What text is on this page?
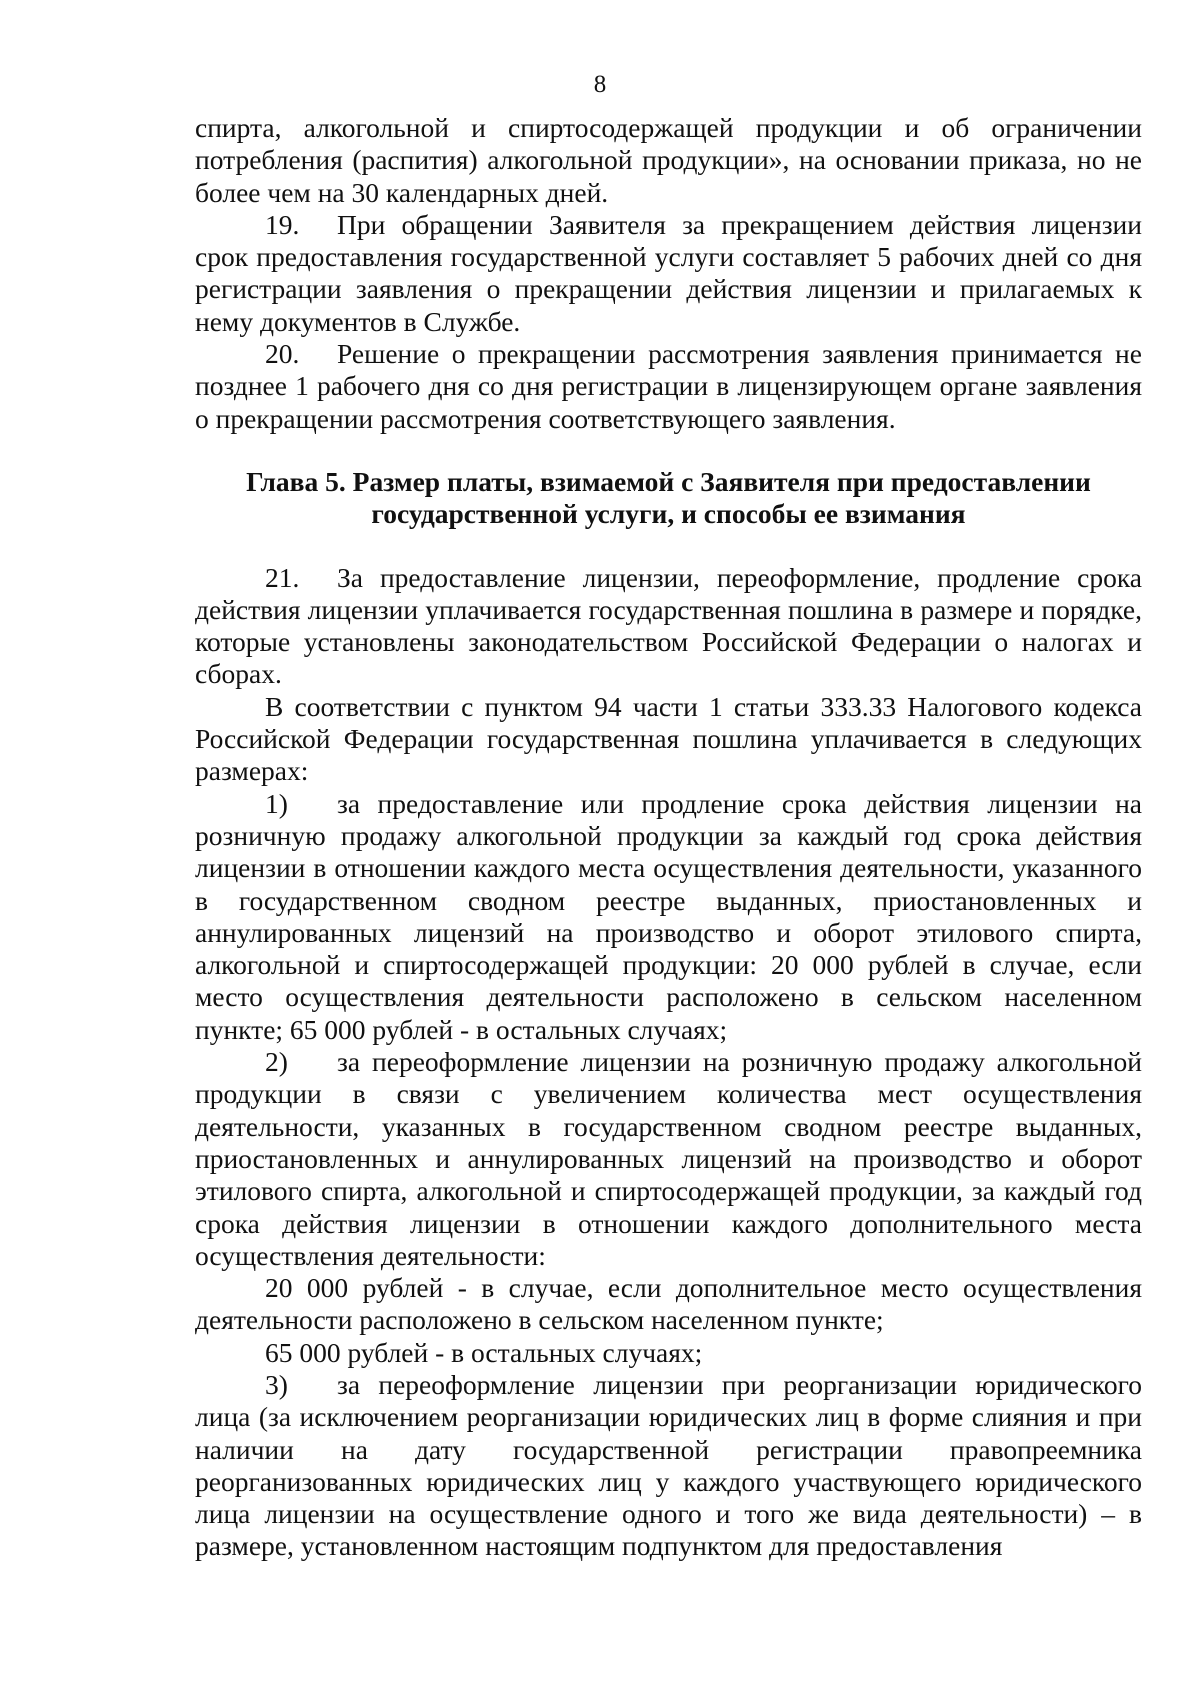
8

спирта, алкогольной и спиртосодержащей продукции и об ограничении потребления (распития) алкогольной продукции», на основании приказа, но не более чем на 30 календарных дней.

19. При обращении Заявителя за прекращением действия лицензии срок предоставления государственной услуги составляет 5 рабочих дней со дня регистрации заявления о прекращении действия лицензии и прилагаемых к нему документов в Службе.

20. Решение о прекращении рассмотрения заявления принимается не позднее 1 рабочего дня со дня регистрации в лицензирующем органе заявления о прекращении рассмотрения соответствующего заявления.

Глава 5. Размер платы, взимаемой с Заявителя при предоставлении
государственной услуги, и способы ее взимания

21. За предоставление лицензии, переоформление, продление срока действия лицензии уплачивается государственная пошлина в размере и порядке, которые установлены законодательством Российской Федерации о налогах и сборах.

В соответствии с пунктом 94 части 1 статьи 333.33 Налогового кодекса Российской Федерации государственная пошлина уплачивается в следующих размерах:

1) за предоставление или продление срока действия лицензии на розничную продажу алкогольной продукции за каждый год срока действия лицензии в отношении каждого места осуществления деятельности, указанного в государственном сводном реестре выданных, приостановленных и аннулированных лицензий на производство и оборот этилового спирта, алкогольной и спиртосодержащей продукции: 20 000 рублей в случае, если место осуществления деятельности расположено в сельском населенном пункте; 65 000 рублей - в остальных случаях;

2) за переоформление лицензии на розничную продажу алкогольной продукции в связи с увеличением количества мест осуществления деятельности, указанных в государственном сводном реестре выданных, приостановленных и аннулированных лицензий на производство и оборот этилового спирта, алкогольной и спиртосодержащей продукции, за каждый год срока действия лицензии в отношении каждого дополнительного места осуществления деятельности:

20 000 рублей - в случае, если дополнительное место осуществления деятельности расположено в сельском населенном пункте;

65 000 рублей - в остальных случаях;

3) за переоформление лицензии при реорганизации юридического лица (за исключением реорганизации юридических лиц в форме слияния и при наличии на дату государственной регистрации правопреемника реорганизованных юридических лиц у каждого участвующего юридического лица лицензии на осуществление одного и того же вида деятельности) – в размере, установленном настоящим подпунктом для предоставления
